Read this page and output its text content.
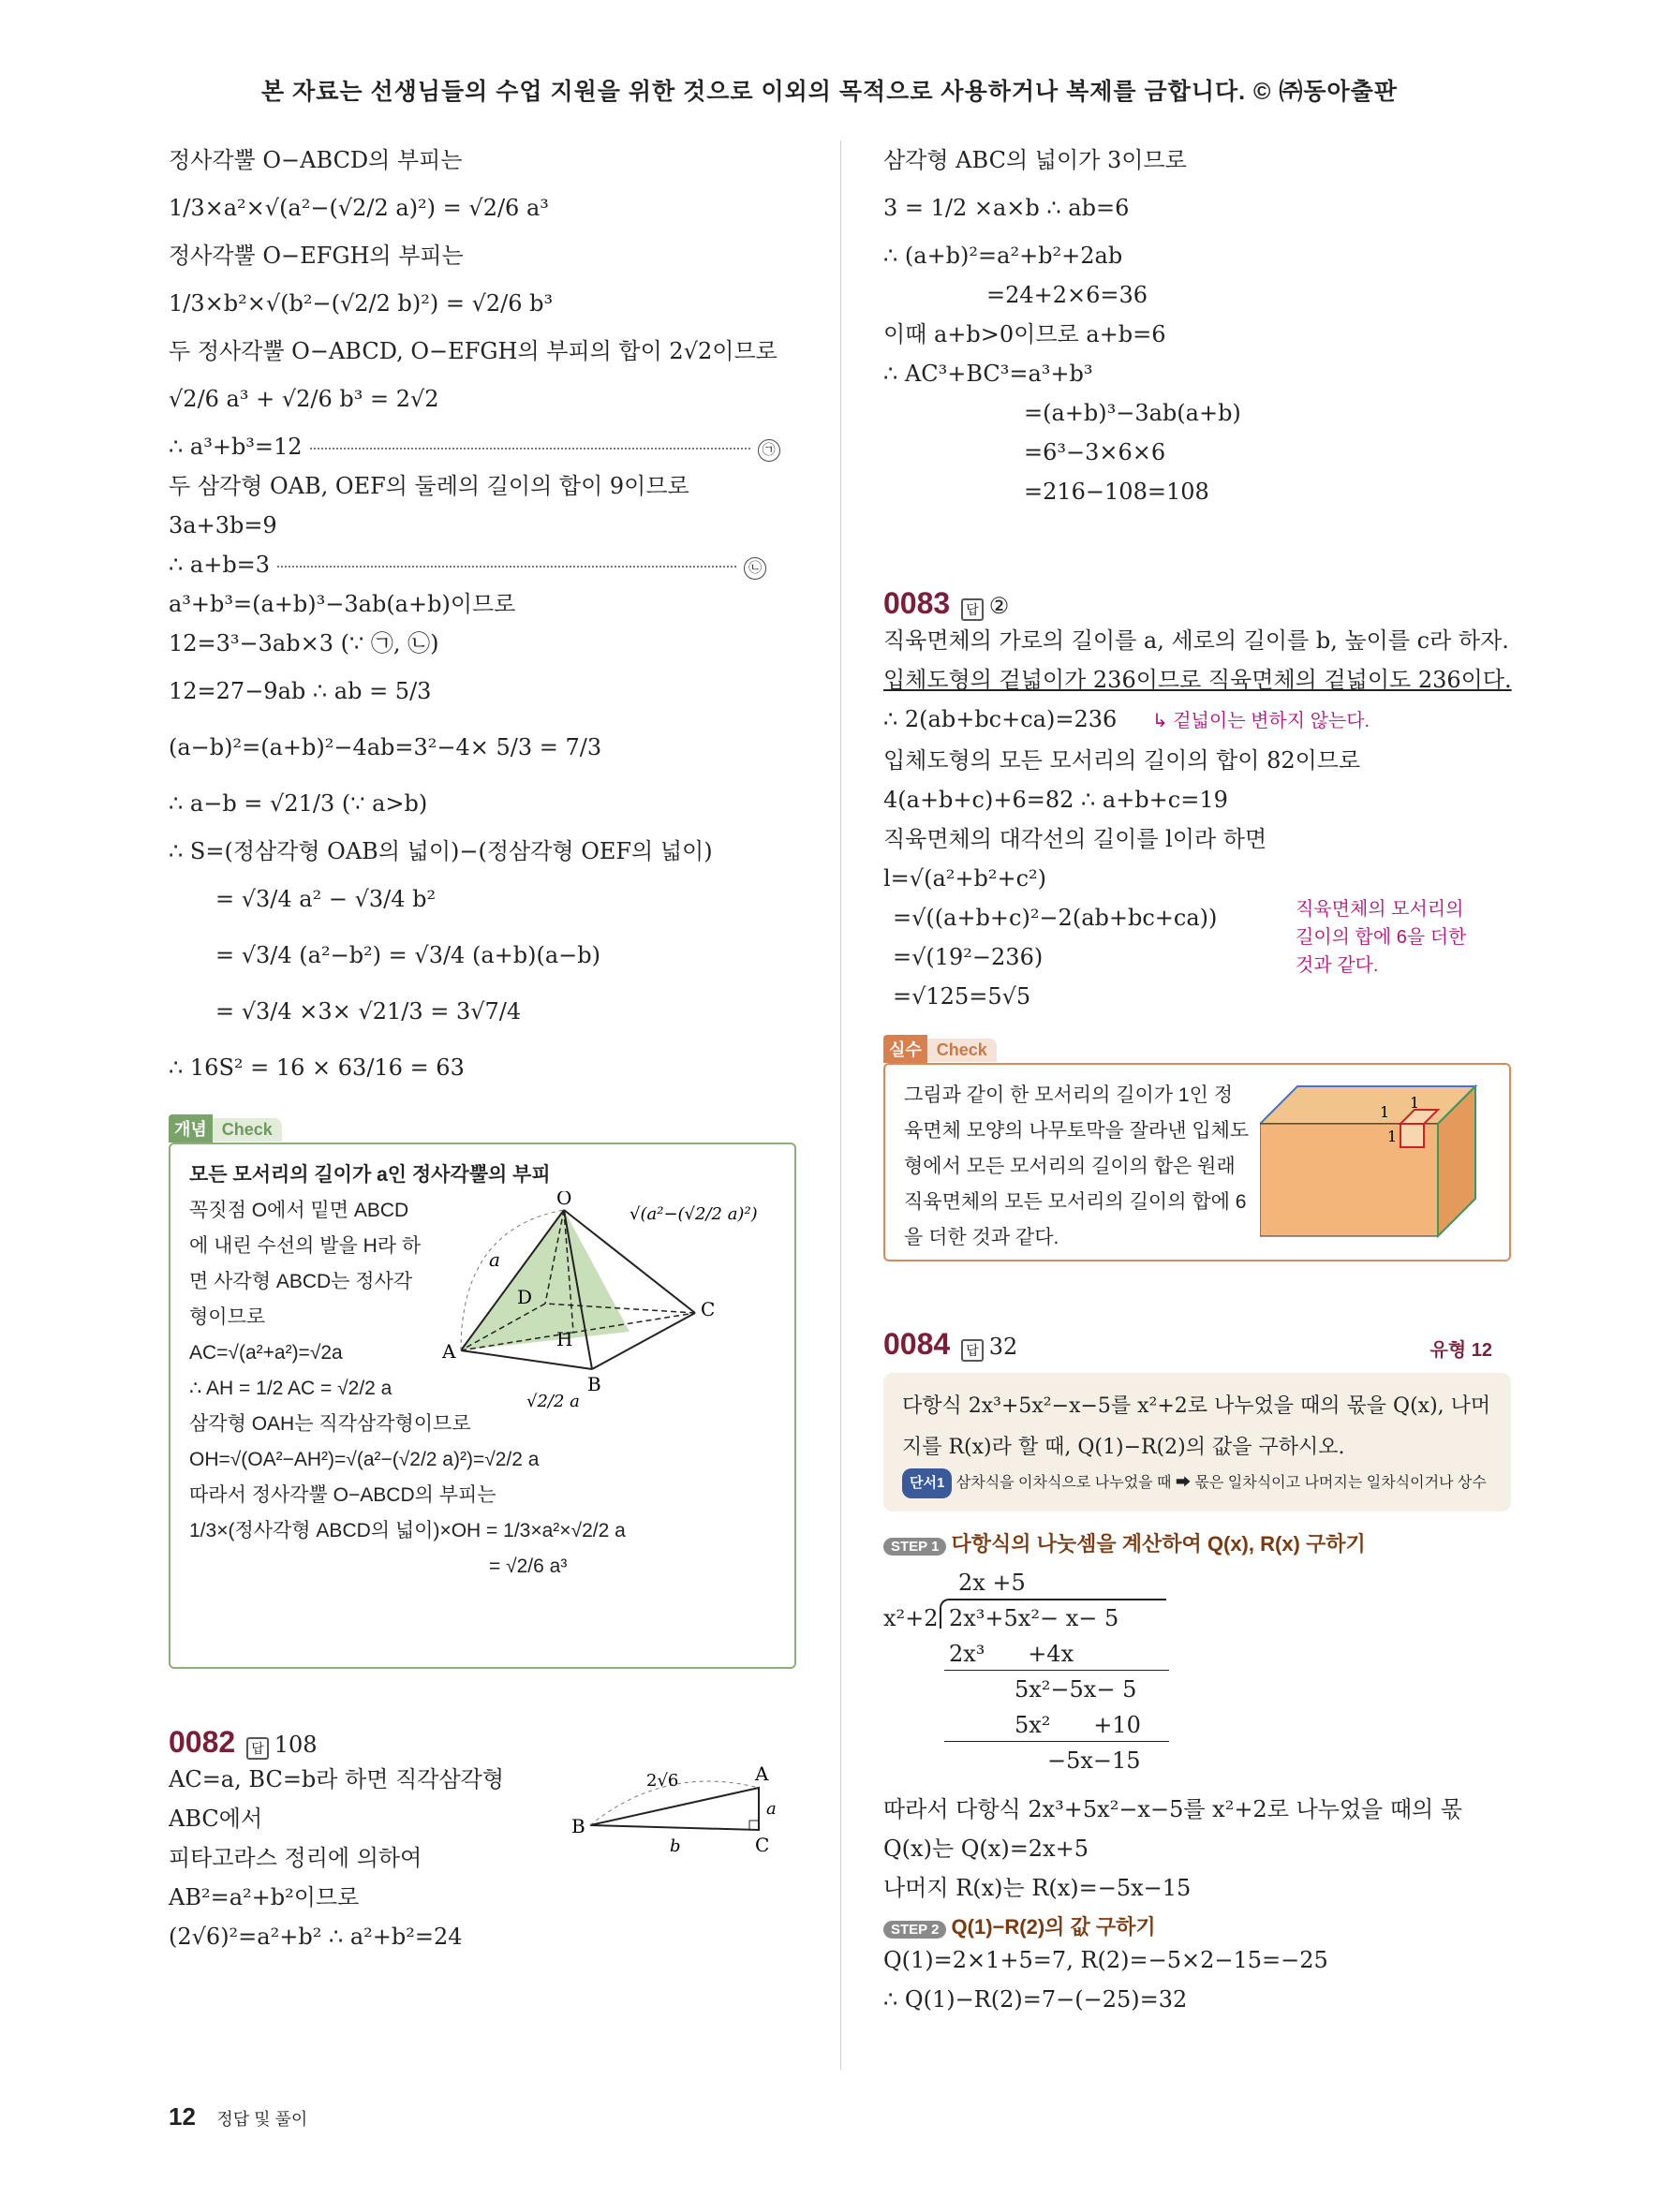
본 자료는 선생님들의 수업 지원을 위한 것으로 이외의 목적으로 사용하거나 복제를 금합니다. © ㈜동아출판
정사각뿔 O−ABCD의 부피는
1/3×a²×√(a²−(√2/2 a)²) = √2/6 a³
정사각뿔 O−EFGH의 부피는
1/3×b²×√(b²−(√2/2 b)²) = √2/6 b³
두 정사각뿔 O−ABCD, O−EFGH의 부피의 합이 2√2이므로
√2/6 a³ + √2/6 b³ = 2√2
∴ a³+b³=12	㉠
두 삼각형 OAB, OEF의 둘레의 길이의 합이 9이므로
3a+3b=9
∴ a+b=3	㉡
a³+b³=(a+b)³−3ab(a+b)이므로
12=3³−3ab×3 (∵ ㉠, ㉡)
12=27−9ab ∴ ab = 5/3
(a−b)²=(a+b)²−4ab=3²−4× 5/3 = 7/3
∴ a−b = √21/3 (∵ a>b)
∴ S=(정삼각형 OAB의 넓이)−(정삼각형 OEF의 넓이)
= √3/4 a² − √3/4 b²
= √3/4 (a²−b²) = √3/4 (a+b)(a−b)
= √3/4 ×3× √21/3 = 3√7/4
∴ 16S² = 16 × 63/16 = 63
개념 Check
모든 모서리의 길이가 a인 정사각뿔의 부피
꼭짓점 O에서 밑면 ABCD
에 내린 수선의 발을 H라 하
면 사각형 ABCD는 정사각
형이므로
AC=√(a²+a²)=√2a
∴ AH = 1/2 AC = √2/2 a
삼각형 OAH는 직각삼각형이므로
OH=√(OA²−AH²)=√(a²−(√2/2 a)²)=√2/2 a
따라서 정사각뿔 O−ABCD의 부피는
1/3×(정사각형 ABCD의 넓이)×OH = 1/3×a²×√2/2 a
= √2/6 a³
O
A
B
C
D
H
a
√(a²−(√2/2 a)²)
√2/2 a
0082 답 108
AC=a, BC=b라 하면 직각삼각형
ABC에서
피타고라스 정리에 의하여
AB²=a²+b²이므로
(2√6)²=a²+b² ∴ a²+b²=24
2√6	A
B
C
a
b
삼각형 ABC의 넓이가 3이므로
3 = 1/2 ×a×b ∴ ab=6
∴ (a+b)²=a²+b²+2ab
=24+2×6=36
이때 a+b>0이므로 a+b=6
∴ AC³+BC³=a³+b³
=(a+b)³−3ab(a+b)
=6³−3×6×6
=216−108=108
0083 답 ②
직육면체의 가로의 길이를 a, 세로의 길이를 b, 높이를 c라 하자.
입체도형의 겉넓이가 236이므로 직육면체의 겉넓이도 236이다.
∴ 2(ab+bc+ca)=236 ↳ 겉넓이는 변하지 않는다.
입체도형의 모든 모서리의 길이의 합이 82이므로
4(a+b+c)+6=82 ∴ a+b+c=19
직육면체의 대각선의 길이를 l이라 하면
l=√(a²+b²+c²)
=√((a+b+c)²−2(ab+bc+ca))
=√(19²−236)
=√125=5√5
직육면체의 모서리의
길이의 합에 6을 더한
것과 같다.
실수 Check
그림과 같이 한 모서리의 길이가 1인 정
육면체 모양의 나무토막을 잘라낸 입체도
형에서 모든 모서리의 길이의 합은 원래
직육면체의 모든 모서리의 길이의 합에 6
을 더한 것과 같다.
1
1
1
0084 답 32	유형 12
다항식 2x³+5x²−x−5를 x²+2로 나누었을 때의 몫을 Q(x), 나머
지를 R(x)라 할 때, Q(1)−R(2)의 값을 구하시오.
단서1 삼차식을 이차식으로 나누었을 때 ➡ 몫은 일차식이고 나머지는 일차식이거나 상수
STEP 1 다항식의 나눗셈을 계산하여 Q(x), R(x) 구하기
2x +5
x²+2 2x³+5x²− x− 5
2x³      +4x
5x²−5x− 5
5x²      +10
−5x−15
따라서 다항식 2x³+5x²−x−5를 x²+2로 나누었을 때의 몫
Q(x)는 Q(x)=2x+5
나머지 R(x)는 R(x)=−5x−15
STEP 2 Q(1)−R(2)의 값 구하기
Q(1)=2×1+5=7, R(2)=−5×2−15=−25
∴ Q(1)−R(2)=7−(−25)=32
12 정답 및 풀이
